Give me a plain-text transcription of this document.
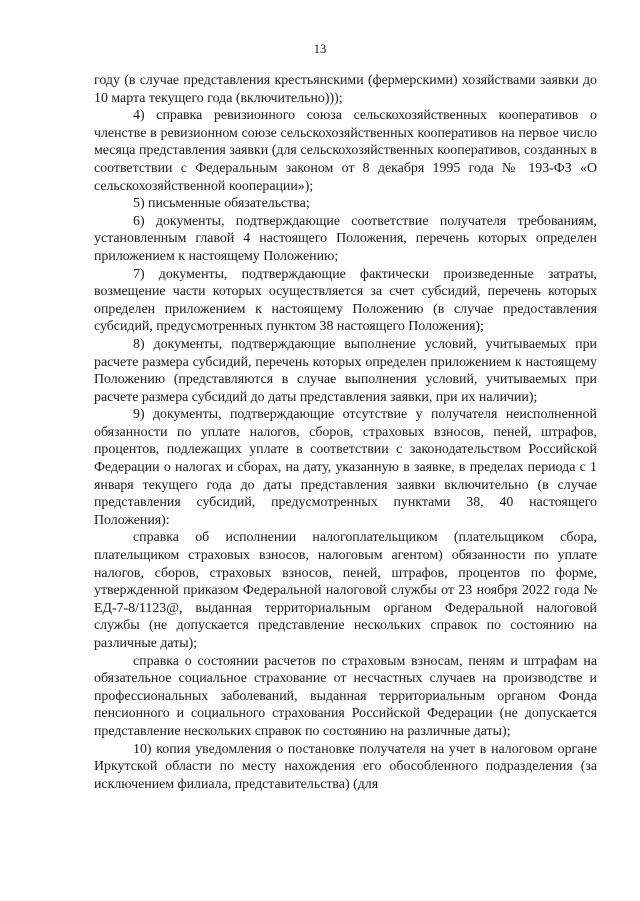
13

году (в случае представления крестьянскими (фермерскими) хозяйствами заявки до 10 марта текущего года (включительно)));

4) справка ревизионного союза сельскохозяйственных кооперативов о членстве в ревизионном союзе сельскохозяйственных кооперативов на первое число месяца представления заявки (для сельскохозяйственных кооперативов, созданных в соответствии с Федеральным законом от 8 декабря 1995 года № 193-ФЗ «О сельскохозяйственной кооперации»);

5) письменные обязательства;

6) документы, подтверждающие соответствие получателя требованиям, установленным главой 4 настоящего Положения, перечень которых определен приложением к настоящему Положению;

7) документы, подтверждающие фактически произведенные затраты, возмещение части которых осуществляется за счет субсидий, перечень которых определен приложением к настоящему Положению (в случае предоставления субсидий, предусмотренных пунктом 38 настоящего Положения);

8) документы, подтверждающие выполнение условий, учитываемых при расчете размера субсидий, перечень которых определен приложением к настоящему Положению (представляются в случае выполнения условий, учитываемых при расчете размера субсидий до даты представления заявки, при их наличии);

9) документы, подтверждающие отсутствие у получателя неисполненной обязанности по уплате налогов, сборов, страховых взносов, пеней, штрафов, процентов, подлежащих уплате в соответствии с законодательством Российской Федерации о налогах и сборах, на дату, указанную в заявке, в пределах периода с 1 января текущего года до даты представления заявки включительно (в случае представления субсидий, предусмотренных пунктами 38, 40 настоящего Положения):

справка об исполнении налогоплательщиком (плательщиком сбора, плательщиком страховых взносов, налоговым агентом) обязанности по уплате налогов, сборов, страховых взносов, пеней, штрафов, процентов по форме, утвержденной приказом Федеральной налоговой службы от 23 ноября 2022 года № ЕД-7-8/1123@, выданная территориальным органом Федеральной налоговой службы (не допускается представление нескольких справок по состоянию на различные даты);

справка о состоянии расчетов по страховым взносам, пеням и штрафам на обязательное социальное страхование от несчастных случаев на производстве и профессиональных заболеваний, выданная территориальным органом Фонда пенсионного и социального страхования Российской Федерации (не допускается представление нескольких справок по состоянию на различные даты);

10) копия уведомления о постановке получателя на учет в налоговом органе Иркутской области по месту нахождения его обособленного подразделения (за исключением филиала, представительства) (для
